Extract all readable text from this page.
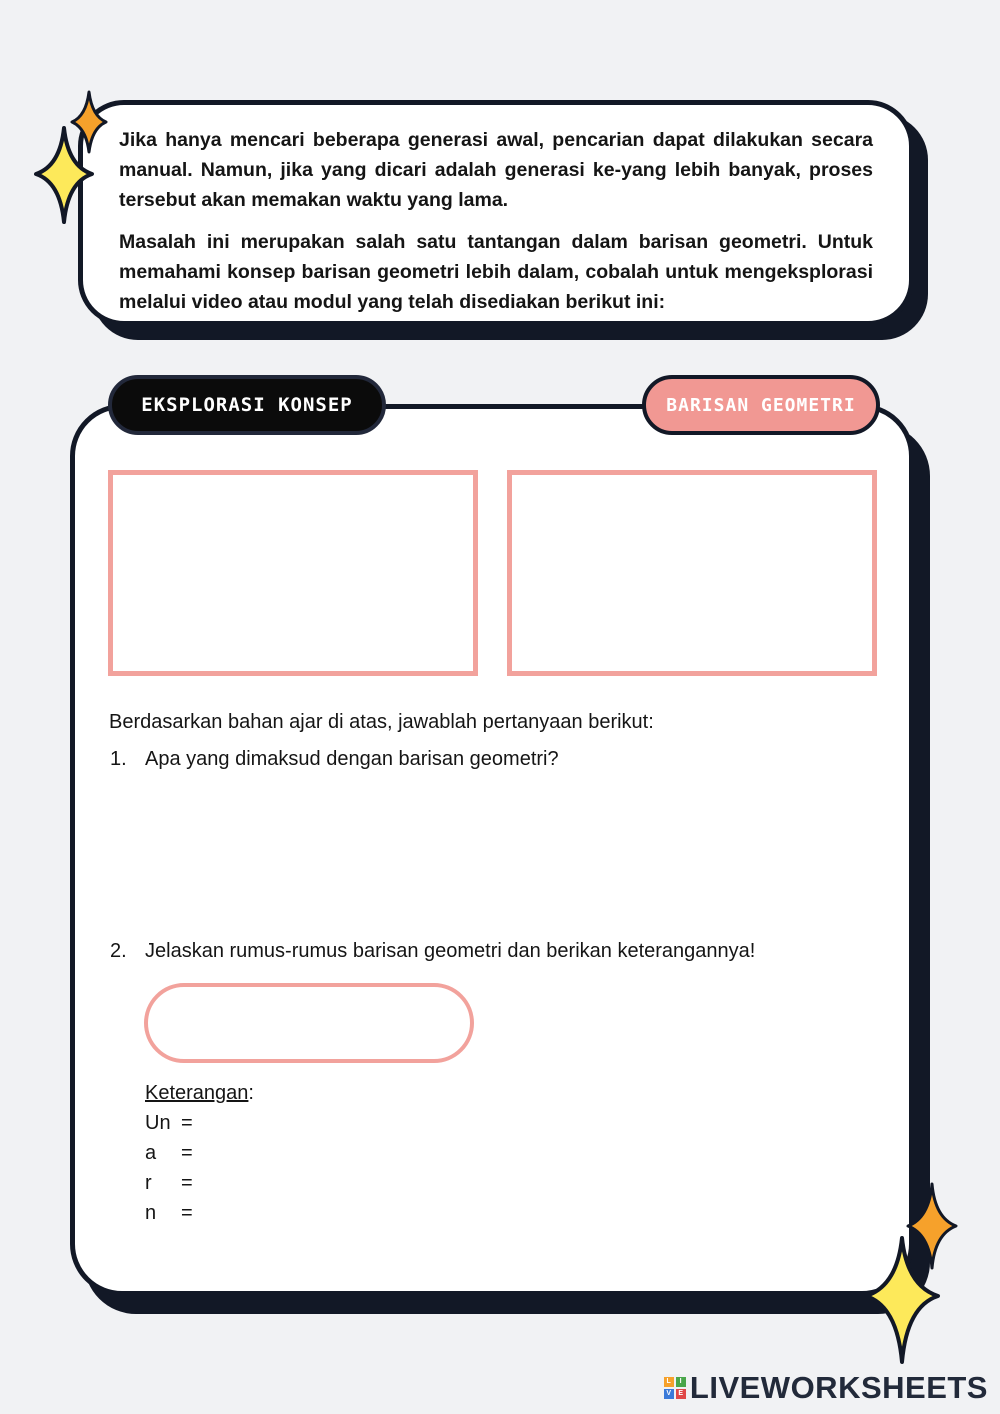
Jika hanya mencari beberapa generasi awal, pencarian dapat dilakukan secara manual. Namun, jika yang dicari adalah generasi ke-yang lebih banyak, proses tersebut akan memakan waktu yang lama.

Masalah ini merupakan salah satu tantangan dalam barisan geometri. Untuk memahami konsep barisan geometri lebih dalam, cobalah untuk mengeksplorasi melalui video atau modul yang telah disediakan berikut ini:

EKSPLORASI KONSEP	BARISAN GEOMETRI
Berdasarkan bahan ajar di atas, jawablah pertanyaan berikut:
1. Apa yang dimaksud dengan barisan geometri?
2. Jelaskan rumus-rumus barisan geometri dan berikan keterangannya!
Keterangan:
Un =
a =
r =
n =
L	I
V E LIVEWORKSHEETS
